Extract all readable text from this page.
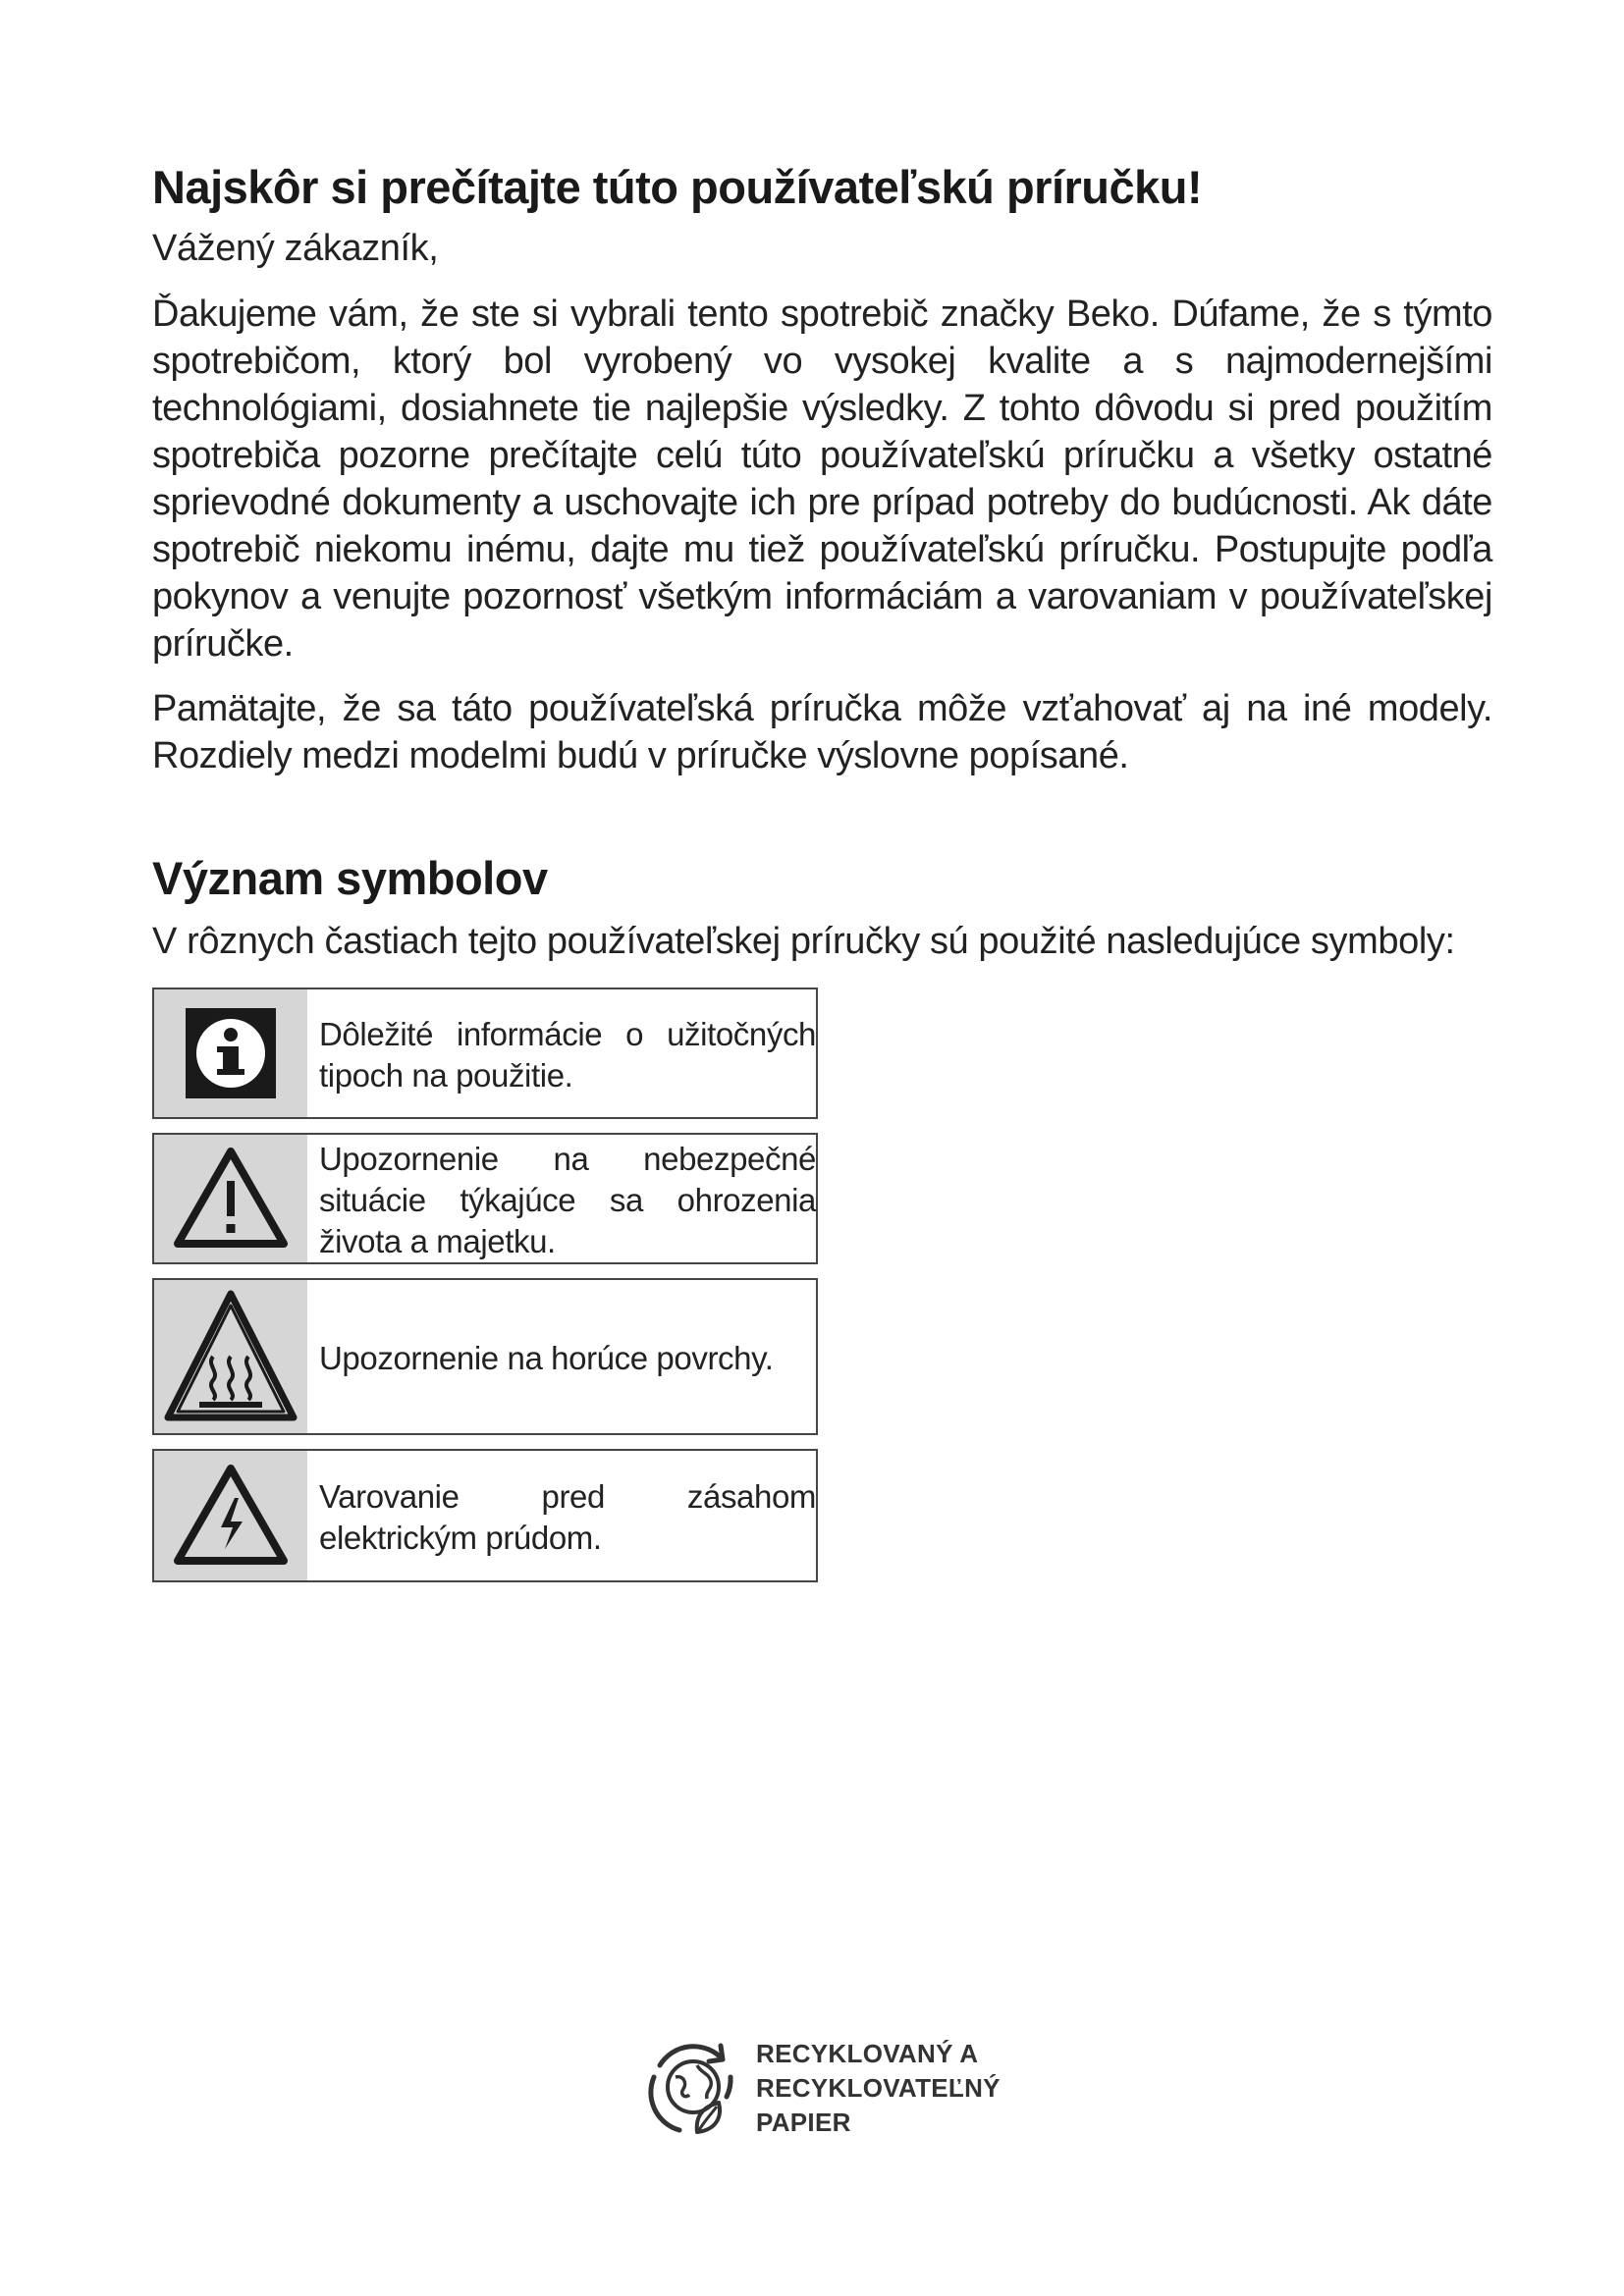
Najskôr si prečítajte túto používateľskú príručku!

Vážený zákazník,

Ďakujeme vám, že ste si vybrali tento spotrebič značky Beko. Dúfame, že s týmto spotrebičom, ktorý bol vyrobený vo vysokej kvalite a s najmodernejšími technológiami, dosiahnete tie najlepšie výsledky. Z tohto dôvodu si pred použitím spotrebiča pozorne prečítajte celú túto používateľskú príručku a všetky ostatné sprievodné dokumenty a uschovajte ich pre prípad potreby do budúcnosti. Ak dáte spotrebič niekomu inému, dajte mu tiež používateľskú príručku. Postupujte podľa pokynov a venujte pozornosť všetkým informáciám a varovaniam v používateľskej príručke.

Pamätajte, že sa táto používateľská príručka môže vzťahovať aj na iné modely. Rozdiely medzi modelmi budú v príručke výslovne popísané.

Význam symbolov

V rôznych častiach tejto používateľskej príručky sú použité nasledujúce symboly:

Dôležité informácie o užitočných tipoch na použitie.
Upozornenie na nebezpečné situácie týkajúce sa ohrozenia života a majetku.
Upozornenie na horúce povrchy.
Varovanie pred zásahom elektrickým prúdom.
RECYKLOVANÝ A
RECYKLOVATEĽNÝ
PAPIER
